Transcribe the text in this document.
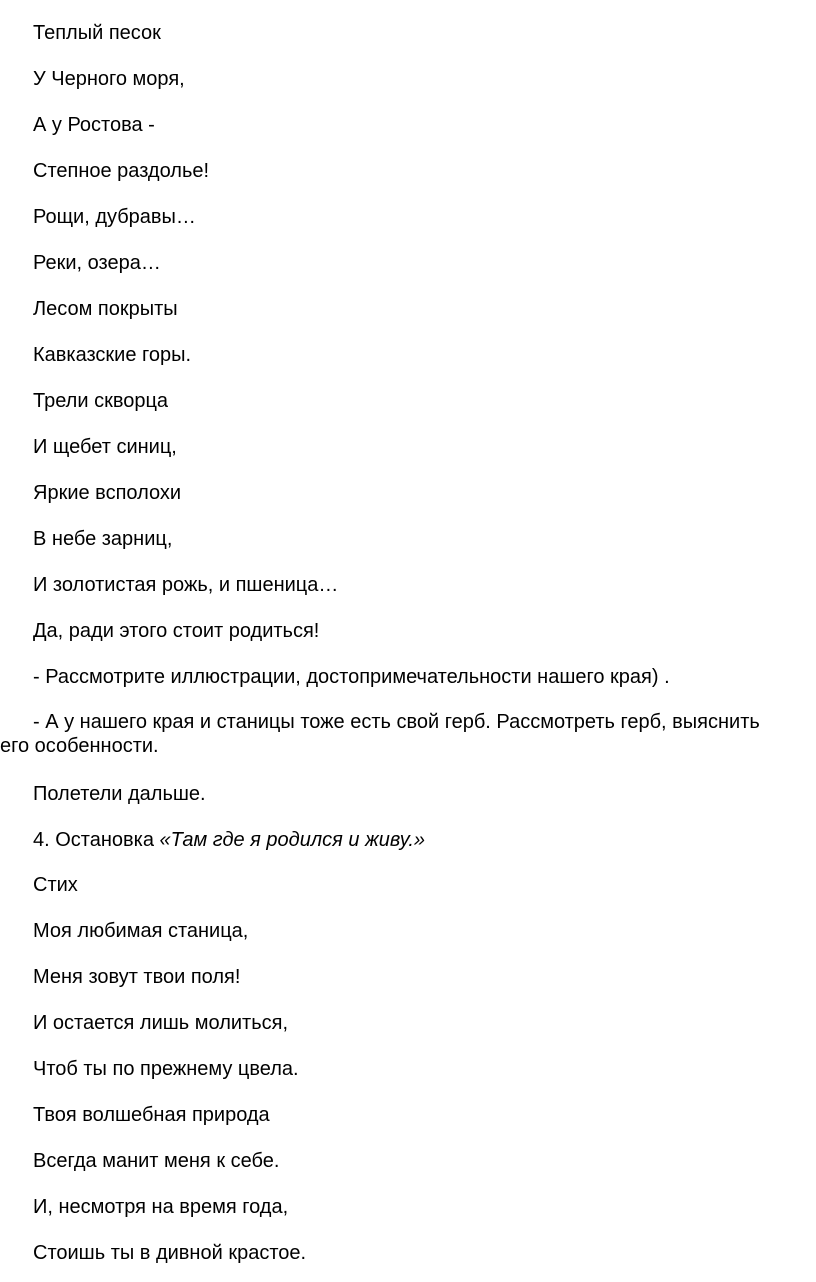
Теплый песок
У Черного моря,
А у Ростова -
Степное раздолье!
Рощи, дубравы…
Реки, озера…
Лесом покрыты
Кавказские горы.
Трели скворца
И щебет синиц,
Яркие всполохи
В небе зарниц,
И золотистая рожь, и пшеница…
Да, ради этого стоит родиться!
- Рассмотрите иллюстрации, достопримечательности нашего края) .
- А у нашего края и станицы тоже есть свой герб. Рассмотреть герб, выяснить его особенности.
Полетели дальше.
4. Остановка «Там где я родился и живу.»
Стих
Моя любимая станица,
Меня зовут твои поля!
И остается лишь молиться,
Чтоб ты по прежнему цвела.
Твоя волшебная природа
Всегда манит меня к себе.
И, несмотря на время года,
Стоишь ты в дивной крастое.
